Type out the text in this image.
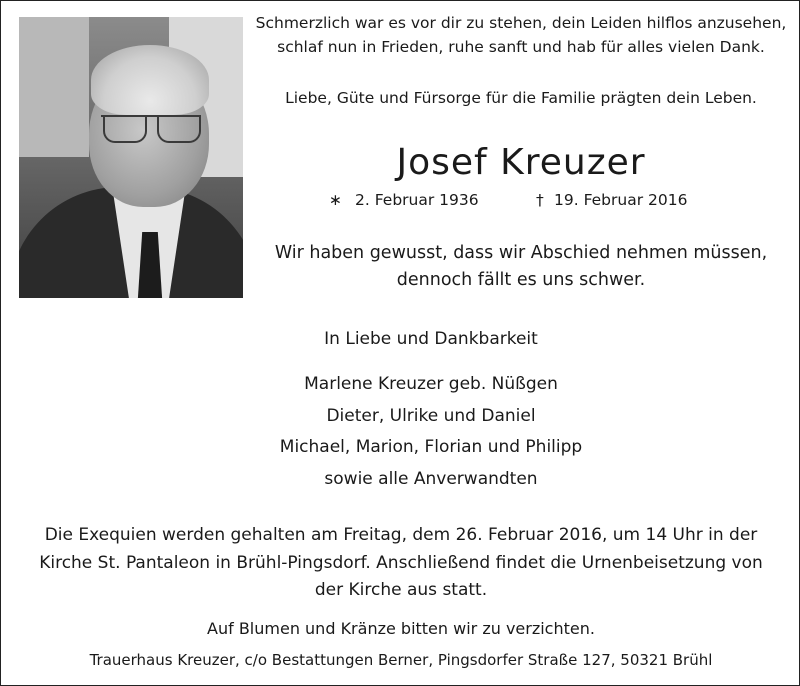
Schmerzlich war es vor dir zu stehen, dein Leiden hilflos anzusehen,
schlaf nun in Frieden, ruhe sanft und hab für alles vielen Dank.
Liebe, Güte und Fürsorge für die Familie prägten dein Leben.
Josef Kreuzer
∗ 2. Februar 1936	† 19. Februar 2016
Wir haben gewusst, dass wir Abschied nehmen müssen,
dennoch fällt es uns schwer.
In Liebe und Dankbarkeit
Marlene Kreuzer geb. Nüßgen
Dieter, Ulrike und Daniel
Michael, Marion, Florian und Philipp
sowie alle Anverwandten
Die Exequien werden gehalten am Freitag, dem 26. Februar 2016, um 14 Uhr in der
Kirche St. Pantaleon in Brühl-Pingsdorf. Anschließend findet die Urnenbeisetzung von
der Kirche aus statt.
Auf Blumen und Kränze bitten wir zu verzichten.
Trauerhaus Kreuzer, c/o Bestattungen Berner, Pingsdorfer Straße 127, 50321 Brühl
